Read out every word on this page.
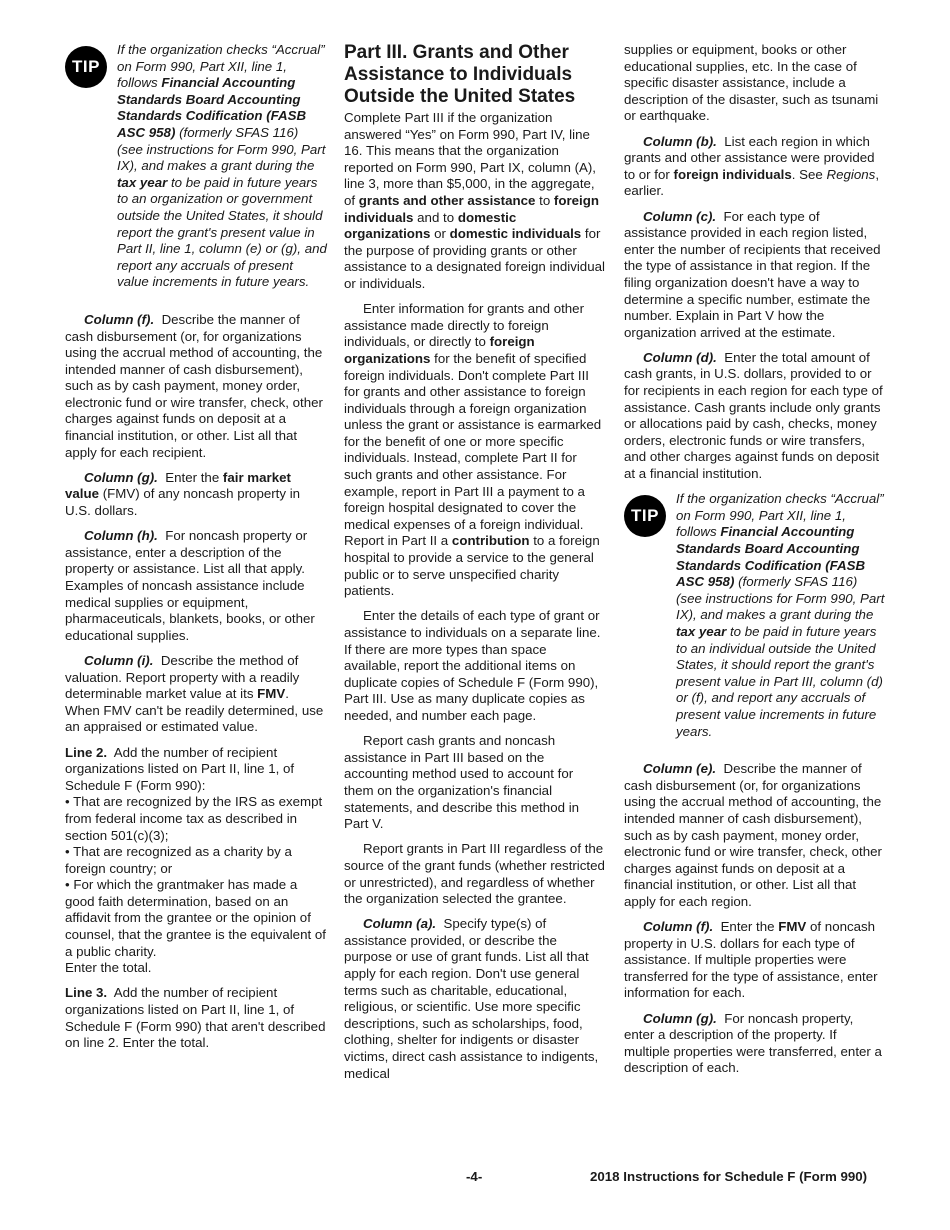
TIP
If the organization checks “Accrual” on Form 990, Part XII, line 1, follows Financial Accounting Standards Board Accounting Standards Codification (FASB ASC 958) (formerly SFAS 116) (see instructions for Form 990, Part IX), and makes a grant during the tax year to be paid in future years to an organization or government outside the United States, it should report the grant's present value in Part II, line 1, column (e) or (g), and report any accruals of present value increments in future years.

Column (f). Describe the manner of cash disbursement (or, for organizations using the accrual method of accounting, the intended manner of cash disbursement), such as by cash payment, money order, electronic fund or wire transfer, check, other charges against funds on deposit at a financial institution, or other. List all that apply for each recipient.

Column (g). Enter the fair market value (FMV) of any noncash property in U.S. dollars.

Column (h). For noncash property or assistance, enter a description of the property or assistance. List all that apply. Examples of noncash assistance include medical supplies or equipment, pharmaceuticals, blankets, books, or other educational supplies.

Column (i). Describe the method of valuation. Report property with a readily determinable market value at its FMV. When FMV can't be readily determined, use an appraised or estimated value.

Line 2. Add the number of recipient organizations listed on Part II, line 1, of Schedule F (Form 990):
• That are recognized by the IRS as exempt from federal income tax as described in section 501(c)(3);
• That are recognized as a charity by a foreign country; or
• For which the grantmaker has made a good faith determination, based on an affidavit from the grantee or the opinion of counsel, that the grantee is the equivalent of a public charity.
Enter the total.

Line 3. Add the number of recipient organizations listed on Part II, line 1, of Schedule F (Form 990) that aren't described on line 2. Enter the total.

Part III. Grants and Other Assistance to Individuals Outside the United States

Complete Part III if the organization answered “Yes” on Form 990, Part IV, line 16. This means that the organization reported on Form 990, Part IX, column (A), line 3, more than $5,000, in the aggregate, of grants and other assistance to foreign individuals and to domestic organizations or domestic individuals for the purpose of providing grants or other assistance to a designated foreign individual or individuals.

Enter information for grants and other assistance made directly to foreign individuals, or directly to foreign organizations for the benefit of specified foreign individuals. Don't complete Part III for grants and other assistance to foreign individuals through a foreign organization unless the grant or assistance is earmarked for the benefit of one or more specific individuals. Instead, complete Part II for such grants and other assistance. For example, report in Part III a payment to a foreign hospital designated to cover the medical expenses of a foreign individual. Report in Part II a contribution to a foreign hospital to provide a service to the general public or to serve unspecified charity patients.

Enter the details of each type of grant or assistance to individuals on a separate line. If there are more types than space available, report the additional items on duplicate copies of Schedule F (Form 990), Part III. Use as many duplicate copies as needed, and number each page.

Report cash grants and noncash assistance in Part III based on the accounting method used to account for them on the organization's financial statements, and describe this method in Part V.

Report grants in Part III regardless of the source of the grant funds (whether restricted or unrestricted), and regardless of whether the organization selected the grantee.

Column (a). Specify type(s) of assistance provided, or describe the purpose or use of grant funds. List all that apply for each region. Don't use general terms such as charitable, educational, religious, or scientific. Use more specific descriptions, such as scholarships, food, clothing, shelter for indigents or disaster victims, direct cash assistance to indigents, medical

supplies or equipment, books or other educational supplies, etc. In the case of specific disaster assistance, include a description of the disaster, such as tsunami or earthquake.

Column (b). List each region in which grants and other assistance were provided to or for foreign individuals. See Regions, earlier.

Column (c). For each type of assistance provided in each region listed, enter the number of recipients that received the type of assistance in that region. If the filing organization doesn't have a way to determine a specific number, estimate the number. Explain in Part V how the organization arrived at the estimate.

Column (d). Enter the total amount of cash grants, in U.S. dollars, provided to or for recipients in each region for each type of assistance. Cash grants include only grants or allocations paid by cash, checks, money orders, electronic funds or wire transfers, and other charges against funds on deposit at a financial institution.

TIP
If the organization checks “Accrual” on Form 990, Part XII, line 1, follows Financial Accounting Standards Board Accounting Standards Codification (FASB ASC 958) (formerly SFAS 116) (see instructions for Form 990, Part IX), and makes a grant during the tax year to be paid in future years to an individual outside the United States, it should report the grant's present value in Part III, column (d) or (f), and report any accruals of present value increments in future years.

Column (e). Describe the manner of cash disbursement (or, for organizations using the accrual method of accounting, the intended manner of cash disbursement), such as by cash payment, money order, electronic fund or wire transfer, check, other charges against funds on deposit at a financial institution, or other. List all that apply for each region.

Column (f). Enter the FMV of noncash property in U.S. dollars for each type of assistance. If multiple properties were transferred for the type of assistance, enter information for each.

Column (g). For noncash property, enter a description of the property. If multiple properties were transferred, enter a description of each.

-4-	2018 Instructions for Schedule F (Form 990)
